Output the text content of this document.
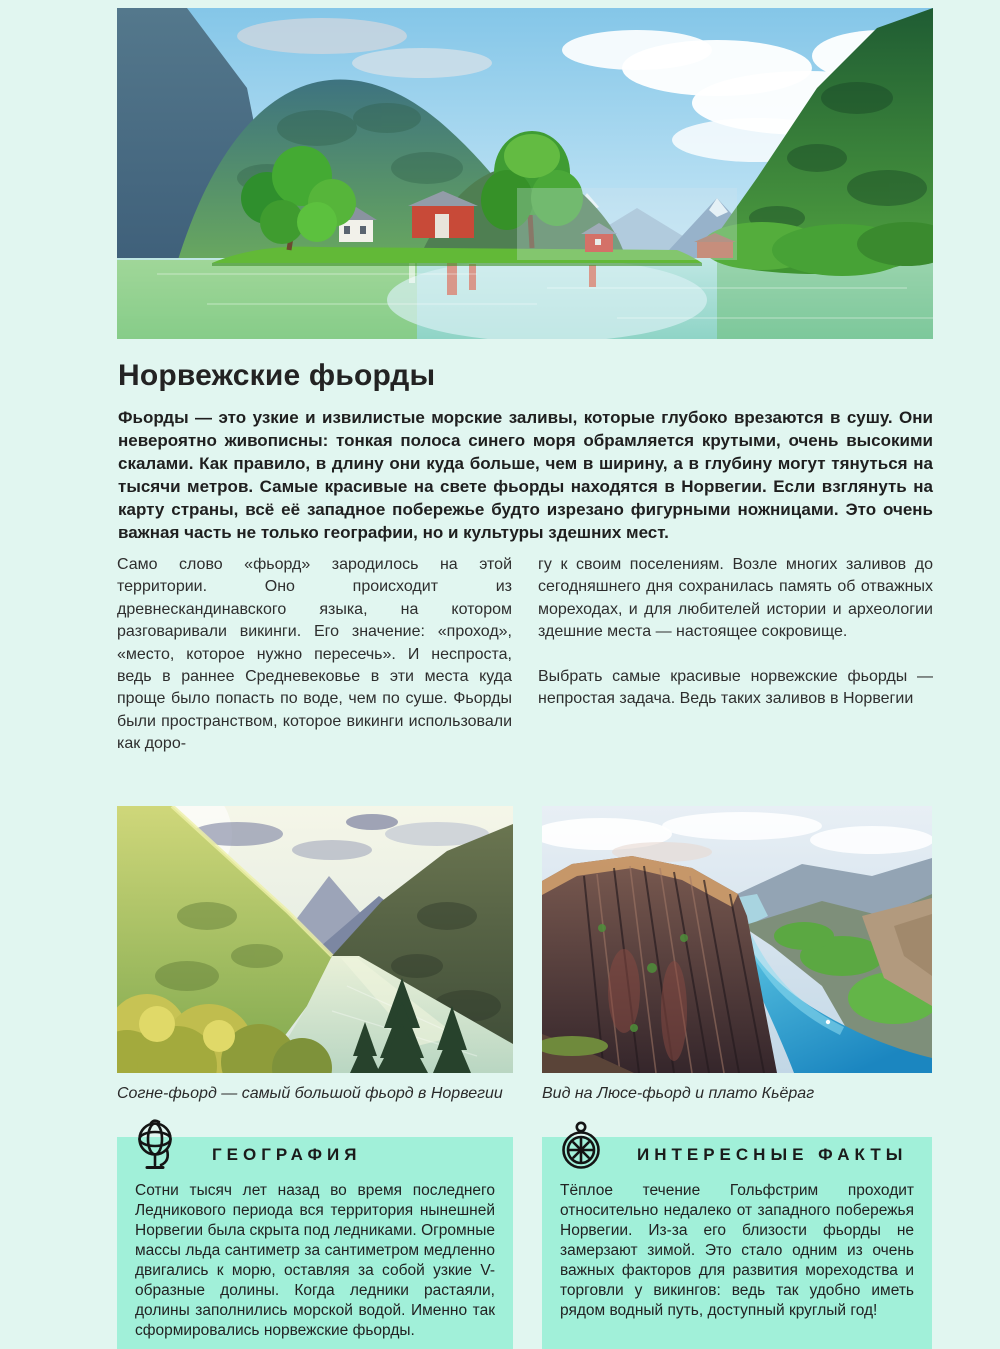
Норвежские фьорды

Фьорды — это узкие и извилистые морские заливы, которые глубоко врезаются в сушу. Они невероятно живописны: тонкая полоса синего моря обрамляется крутыми, очень высокими скалами. Как правило, в длину они куда больше, чем в ширину, а в глубину могут тянуться на тысячи метров. Самые красивые на свете фьорды находятся в Норвегии. Если взглянуть на карту страны, всё её западное побережье будто изрезано фигурными ножницами. Это очень важная часть не только географии, но и культуры здешних мест.

Само слово «фьорд» зародилось на этой территории. Оно происходит из древнескандинавского языка, на котором разговаривали викинги. Его значение: «проход», «место, которое нужно пересечь». И неспроста, ведь в раннее Средневековье в эти места куда проще было попасть по воде, чем по суше. Фьорды были пространством, которое викинги использовали как доро-

гу к своим поселениям. Возле многих заливов до сегодняшнего дня сохранилась память об отважных мореходах, и для любителей истории и археологии здешние места — настоящее сокровище.

Выбрать самые красивые норвежские фьорды — непростая задача. Ведь таких заливов в Норвегии

Согне-фьорд — самый большой фьорд в Норвегии	Вид на Люсе-фьорд и плато Кьёраг
ГЕОГРАФИЯ
Сотни тысяч лет назад во время последнего Ледникового периода вся территория нынешней Норвегии была скрыта под ледниками. Огромные массы льда сантиметр за сантиметром медленно двигались к морю, оставляя за собой узкие V-образные долины. Когда ледники растаяли, долины заполнились морской водой. Именно так сформировались норвежские фьорды.
ИНТЕРЕСНЫЕ ФАКТЫ
Тёплое течение Гольфстрим проходит относительно недалеко от западного побережья Норвегии. Из-за его близости фьорды не замерзают зимой. Это стало одним из очень важных факторов для развития мореходства и торговли у викингов: ведь так удобно иметь рядом водный путь, доступный круглый год!
